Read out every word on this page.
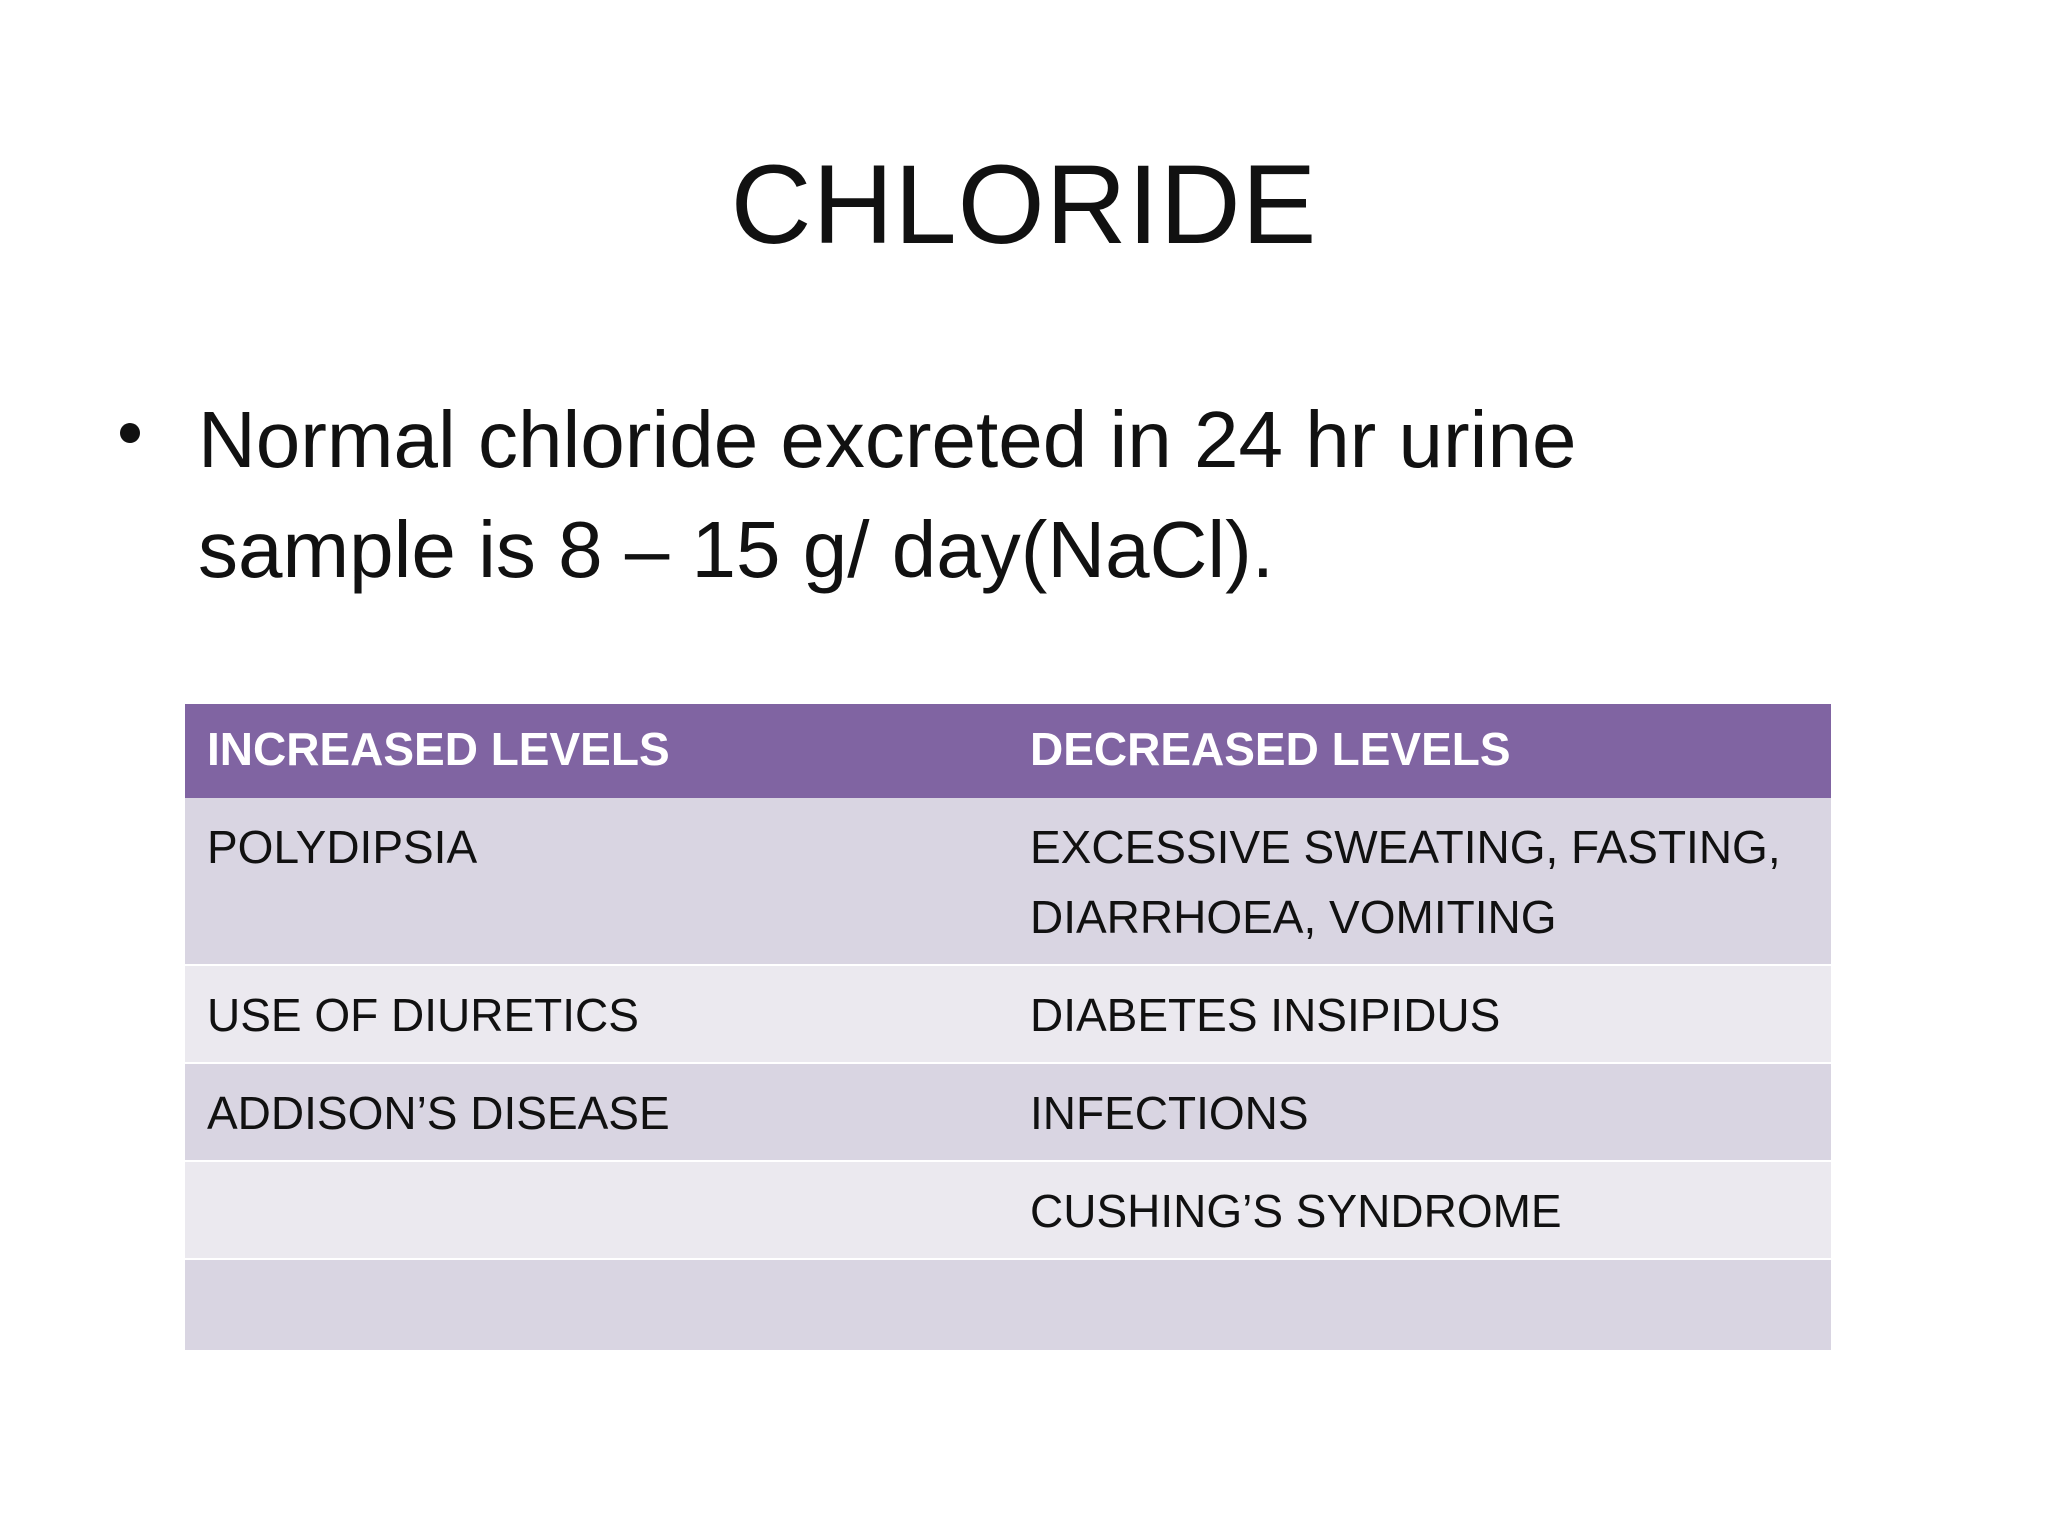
CHLORIDE

Normal chloride excreted in 24 hr urine sample is 8 – 15 g/ day(NaCl).

INCREASED LEVELS	DECREASED LEVELS
POLYDIPSIA	EXCESSIVE SWEATING, FASTING, DIARRHOEA, VOMITING
USE OF DIURETICS	DIABETES INSIPIDUS
ADDISON’S DISEASE	INFECTIONS
	CUSHING’S SYNDROME
